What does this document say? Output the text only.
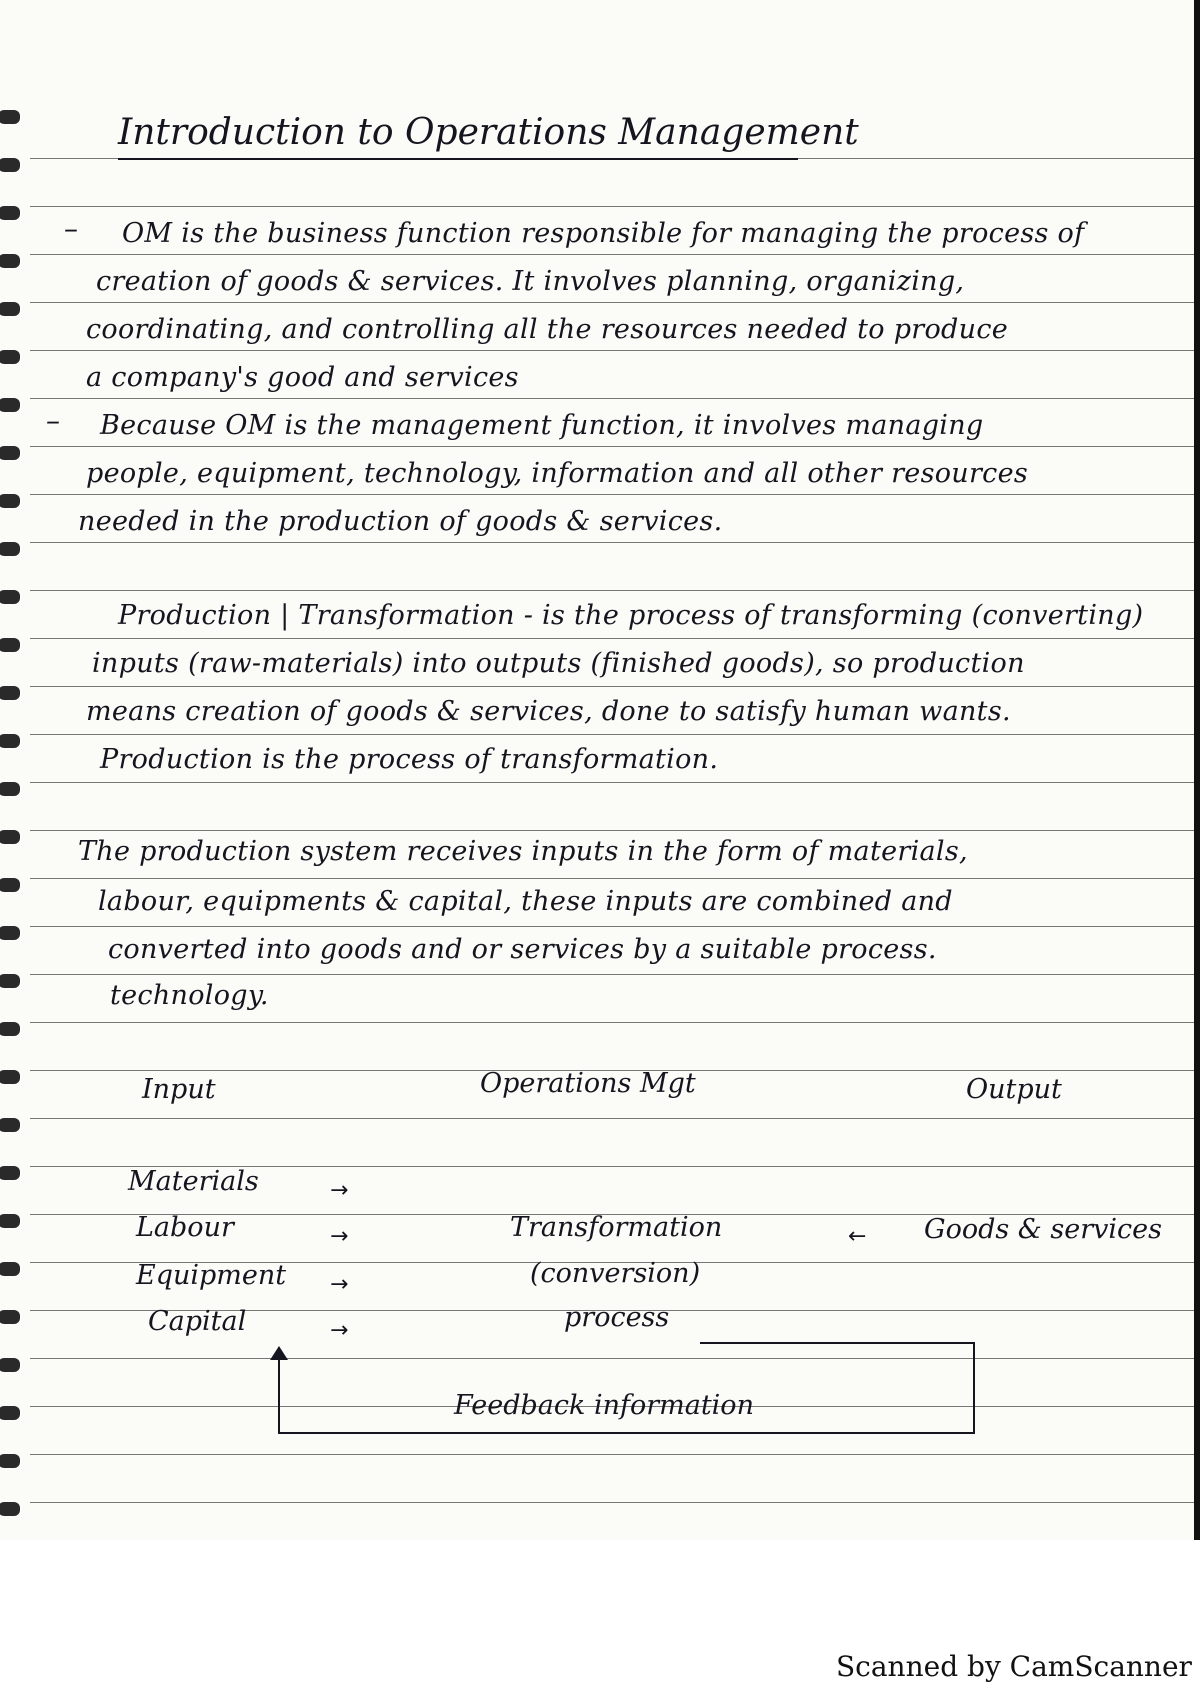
Introduction to Operations Management
– OM is the business function responsible for managing the process of
creation of goods & services. It involves planning, organizing,
coordinating, and controlling all the resources needed to produce
a company's good and services
– Because OM is the management function, it involves managing
people, equipment, technology, information and all other resources
needed in the production of goods & services.
Production | Transformation - is the process of transforming (converting)
inputs (raw-materials) into outputs (finished goods), so production
means creation of goods & services, done to satisfy human wants.
Production is the process of transformation.
The production system receives inputs in the form of materials,
labour, equipments & capital, these inputs are combined and
converted into goods and or services by a suitable process.
technology.
Input	Operations Mgt	Output
Materials	→
Labour	→
Equipment →
Capital	→
Transformation
(conversion)
process
← Goods & services
Feedback information
Scanned by CamScanner
